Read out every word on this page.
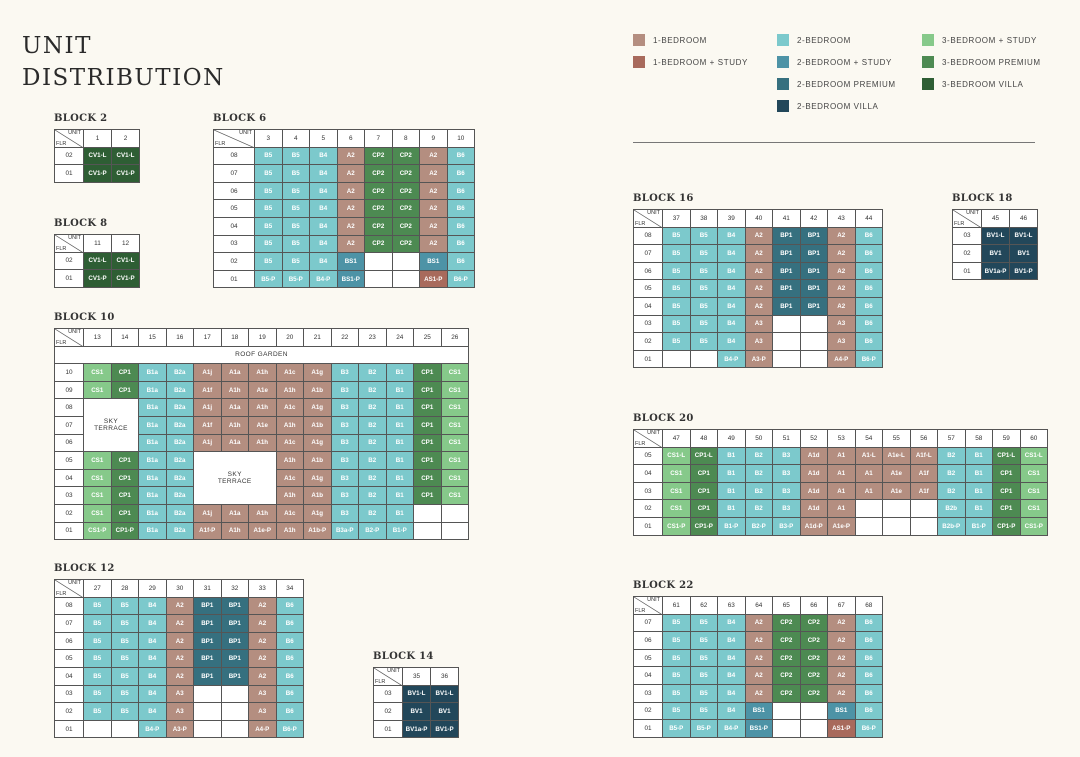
UNIT
DISTRIBUTION
1-BEDROOM
1-BEDROOM + STUDY
2-BEDROOM
2-BEDROOM + STUDY
2-BEDROOM PREMIUM
2-BEDROOM VILLA
3-BEDROOM + STUDY
3-BEDROOM PREMIUM
3-BEDROOM VILLA
BLOCK 2
UNIT
FLR	1	2
02	CV1-L	CV1-L
01	CV1-P	CV1-P
BLOCK 8
UNIT
FLR	11	12
02	CV1-L	CV1-L
01	CV1-P	CV1-P
BLOCK 6
UNIT
FLR	3	4	5	6	7	8	9	10
08	B5	B5	B4	A2	CP2	CP2	A2	B6
07	B5	B5	B4	A2	CP2	CP2	A2	B6
06	B5	B5	B4	A2	CP2	CP2	A2	B6
05	B5	B5	B4	A2	CP2	CP2	A2	B6
04	B5	B5	B4	A2	CP2	CP2	A2	B6
03	B5	B5	B4	A2	CP2	CP2	A2	B6
02	B5	B5	B4	BS1			BS1	B6
01	B5-P	B5-P	B4-P	BS1-P			AS1-P	B6-P
BLOCK 10
UNIT
FLR	13	14	15	16	17	18	19	20	21	22	23	24	25	26
ROOF GARDEN														
10	CS1	CP1	B1a	B2a	A1j	A1a	A1h	A1c	A1g	B3	B2	B1	CP1	CS1
09	CS1	CP1	B1a	B2a	A1f	A1h	A1e	A1h	A1b	B3	B2	B1	CP1	CS1
08	SKY
TERRACE		B1a	B2a	A1j	A1a	A1h	A1c	A1g	B3	B2	B1	CP1	CS1
07			B1a	B2a	A1f	A1h	A1e	A1h	A1b	B3	B2	B1	CP1	CS1
06			B1a	B2a	A1j	A1a	A1h	A1c	A1g	B3	B2	B1	CP1	CS1
05	CS1	CP1	B1a	B2a	SKY
TERRACE			A1h	A1b	B3	B2	B1	CP1	CS1
04	CS1	CP1	B1a	B2a				A1c	A1g	B3	B2	B1	CP1	CS1
03	CS1	CP1	B1a	B2a				A1h	A1b	B3	B2	B1	CP1	CS1
02	CS1	CP1	B1a	B2a	A1j	A1a	A1h	A1c	A1g	B3	B2	B1		
01	CS1-P	CP1-P	B1a	B2a	A1f-P	A1h	A1e-P	A1h	A1b-P	B3a-P	B2-P	B1-P		
BLOCK 12
UNIT
FLR	27	28	29	30	31	32	33	34
08	B5	B5	B4	A2	BP1	BP1	A2	B6
07	B5	B5	B4	A2	BP1	BP1	A2	B6
06	B5	B5	B4	A2	BP1	BP1	A2	B6
05	B5	B5	B4	A2	BP1	BP1	A2	B6
04	B5	B5	B4	A2	BP1	BP1	A2	B6
03	B5	B5	B4	A3			A3	B6
02	B5	B5	B4	A3			A3	B6
01			B4-P	A3-P			A4-P	B6-P
BLOCK 14
UNIT
FLR	35	36
03	BV1-L	BV1-L
02	BV1	BV1
01	BV1a-P	BV1-P
BLOCK 16
UNIT
FLR	37	38	39	40	41	42	43	44
08	B5	B5	B4	A2	BP1	BP1	A2	B6
07	B5	B5	B4	A2	BP1	BP1	A2	B6
06	B5	B5	B4	A2	BP1	BP1	A2	B6
05	B5	B5	B4	A2	BP1	BP1	A2	B6
04	B5	B5	B4	A2	BP1	BP1	A2	B6
03	B5	B5	B4	A3			A3	B6
02	B5	B5	B4	A3			A3	B6
01			B4-P	A3-P			A4-P	B6-P
BLOCK 18
UNIT
FLR	45	46
03	BV1-L	BV1-L
02	BV1	BV1
01	BV1a-P	BV1-P
BLOCK 20
UNIT
FLR	47	48	49	50	51	52	53	54	55	56	57	58	59	60
05	CS1-L	CP1-L	B1	B2	B3	A1d	A1	A1-L	A1e-L	A1f-L	B2	B1	CP1-L	CS1-L
04	CS1	CP1	B1	B2	B3	A1d	A1	A1	A1e	A1f	B2	B1	CP1	CS1
03	CS1	CP1	B1	B2	B3	A1d	A1	A1	A1e	A1f	B2	B1	CP1	CS1
02	CS1	CP1	B1	B2	B3	A1d	A1				B2b	B1	CP1	CS1
01	CS1-P	CP1-P	B1-P	B2-P	B3-P	A1d-P	A1e-P				B2b-P	B1-P	CP1-P	CS1-P
BLOCK 22
UNIT
FLR	61	62	63	64	65	66	67	68
07	B5	B5	B4	A2	CP2	CP2	A2	B6
06	B5	B5	B4	A2	CP2	CP2	A2	B6
05	B5	B5	B4	A2	CP2	CP2	A2	B6
04	B5	B5	B4	A2	CP2	CP2	A2	B6
03	B5	B5	B4	A2	CP2	CP2	A2	B6
02	B5	B5	B4	BS1			BS1	B6
01	B5-P	B5-P	B4-P	BS1-P			AS1-P	B6-P
